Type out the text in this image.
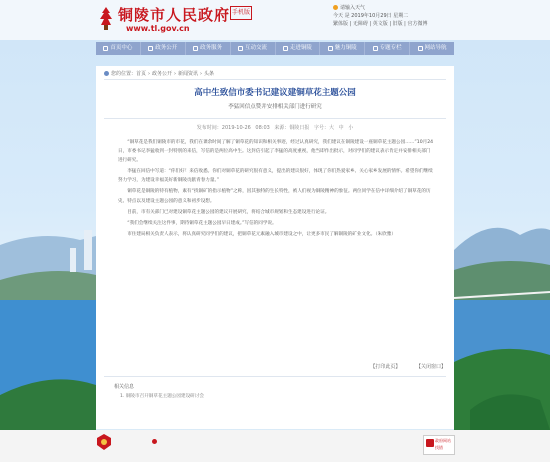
铜陵市人民政府 手机版
www.tl.gov.cn
请输入天气
今天 是 2019年10月29日 星期二
繁体版 | 无障碍 | 英文版 | 旧版 | 官方微博
首页中心	政务公开	政务服务	互动交流	走进铜陵	魅力铜陵	专题专栏	网站导航
您的位置：首页 › 政务公开 › 新闻资讯 › 头条
高中生致信市委书记建议建铜草花主题公园
李猛回信点赞并安排相关部门进行研究
发布时间：2019-10-26 08:03 来源：铜陵日报 字号：大 中 小

“铜草花是我们铜陵市的市花，我们在课余时间了解了铜草花的知识和相关事迹，经过认真研究，我们建议在铜陵建设一座铜草花主题公园……”10月24日，市委书记李猛收到一封特别的来信，写信的是两位高中生。这封信引起了李猛的高度重视，他当即作出批示，对同学们的建议表示肯定并安排相关部门进行研究。

李猛在回信中写道：“你们好！来信收悉。你们对铜草花的研究很有意义，提出的建议很好，体现了你们热爱家乡、关心家乡发展的情怀。希望你们继续努力学习，为建设幸福美好新铜陵贡献青春力量。”

铜草花是铜陵的特有植物，素有“找铜矿的指示植物”之称，因其独特的生长特性，被人们视为铜陵精神的象征。两位同学在信中详细介绍了铜草花的历史、特点以及建设主题公园的意义和初步设想。

目前，市有关部门已对建设铜草花主题公园的建议开展研究，将结合城市规划和生态建设进行论证。

“我们会继续关注这件事，期待铜草花主题公园早日建成。”写信的同学说。

市住建局相关负责人表示，将认真研究同学们的建议，把铜草花元素融入城市建设之中，让更多市民了解铜陵的矿业文化。（朱欣雅）

【打印此页】	【关闭窗口】
相关信息
1. 铜陵市召开铜草花主题公园建设研讨会
政府网站
找错
